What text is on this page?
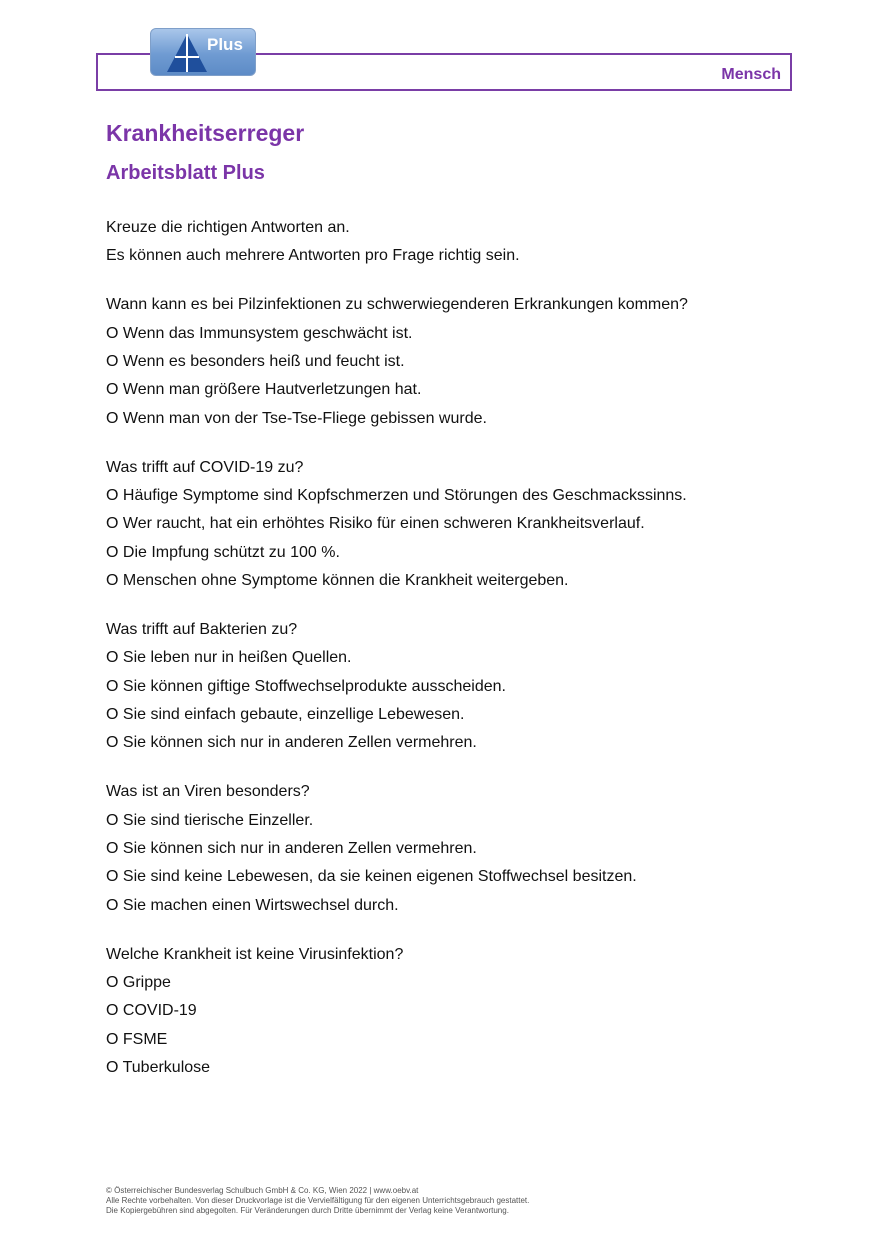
Mensch
Plus
Krankheitserreger
Arbeitsblatt Plus
Kreuze die richtigen Antworten an.
Es können auch mehrere Antworten pro Frage richtig sein.
Wann kann es bei Pilzinfektionen zu schwerwiegenderen Erkrankungen kommen?
O Wenn das Immunsystem geschwächt ist.
O Wenn es besonders heiß und feucht ist.
O Wenn man größere Hautverletzungen hat.
O Wenn man von der Tse-Tse-Fliege gebissen wurde.
Was trifft auf COVID-19 zu?
O Häufige Symptome sind Kopfschmerzen und Störungen des Geschmackssinns.
O Wer raucht, hat ein erhöhtes Risiko für einen schweren Krankheitsverlauf.
O Die Impfung schützt zu 100 %.
O Menschen ohne Symptome können die Krankheit weitergeben.
Was trifft auf Bakterien zu?
O Sie leben nur in heißen Quellen.
O Sie können giftige Stoffwechselprodukte ausscheiden.
O Sie sind einfach gebaute, einzellige Lebewesen.
O Sie können sich nur in anderen Zellen vermehren.
Was ist an Viren besonders?
O Sie sind tierische Einzeller.
O Sie können sich nur in anderen Zellen vermehren.
O Sie sind keine Lebewesen, da sie keinen eigenen Stoffwechsel besitzen.
O Sie machen einen Wirtswechsel durch.
Welche Krankheit ist keine Virusinfektion?
O Grippe
O COVID-19
O FSME
O Tuberkulose
© Österreichischer Bundesverlag Schulbuch GmbH & Co. KG, Wien 2022 | www.oebv.at
Alle Rechte vorbehalten. Von dieser Druckvorlage ist die Vervielfältigung für den eigenen Unterrichtsgebrauch gestattet.
Die Kopiergebühren sind abgegolten. Für Veränderungen durch Dritte übernimmt der Verlag keine Verantwortung.
